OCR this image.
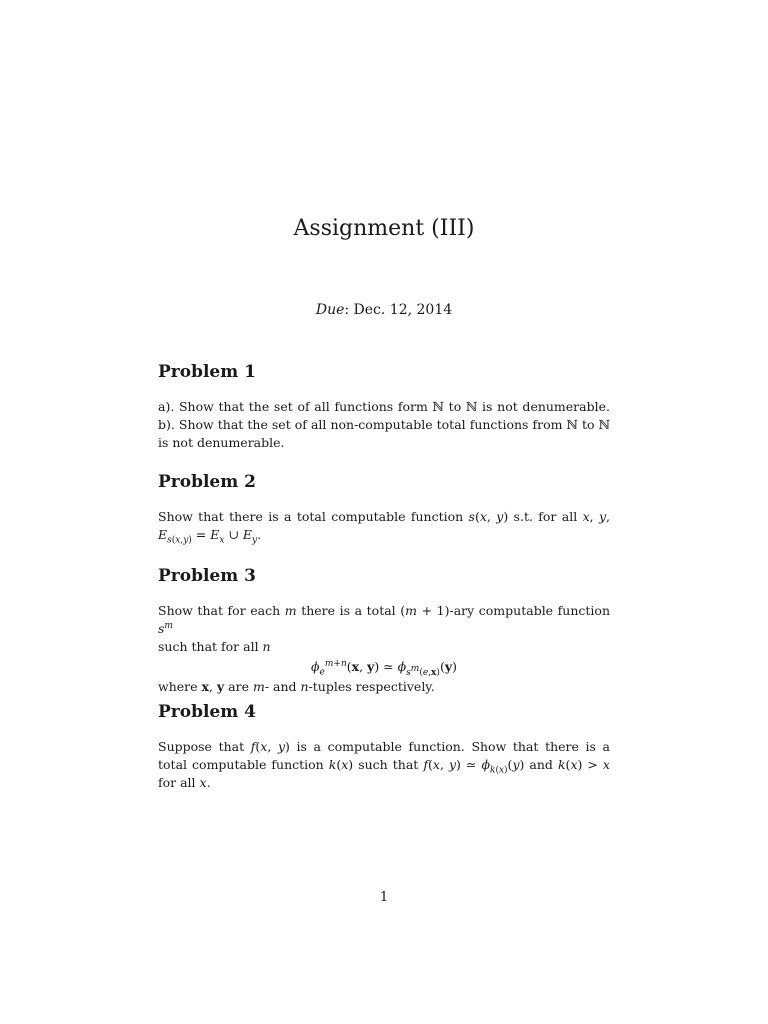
Assignment (III)
Due: Dec. 12, 2014
Problem 1

a). Show that the set of all functions form ℕ to ℕ is not denumerable. b). Show that the set of all non-computable total functions from ℕ to ℕ is not denumerable.

Problem 2

Show that there is a total computable function s(x, y) s.t. for all x, y, $E_{s(x,y)} = E_x$ ∪ $E_y$.

Problem 3

Show that for each m there is a total (m + 1)-ary computable function $s^m$
such that for all n

$\phi_e^{m+n}(x$, y) ≃ $\phi_{s^m(e,x)}(y)$

where x, y are m- and n-tuples respectively.

Problem 4

Suppose that f(x, y) is a computable function. Show that there is a total computable function k(x) such that f(x, y) ≃ $\phi_{k(x)}(y)$ and k(x) > x for all x.

1
